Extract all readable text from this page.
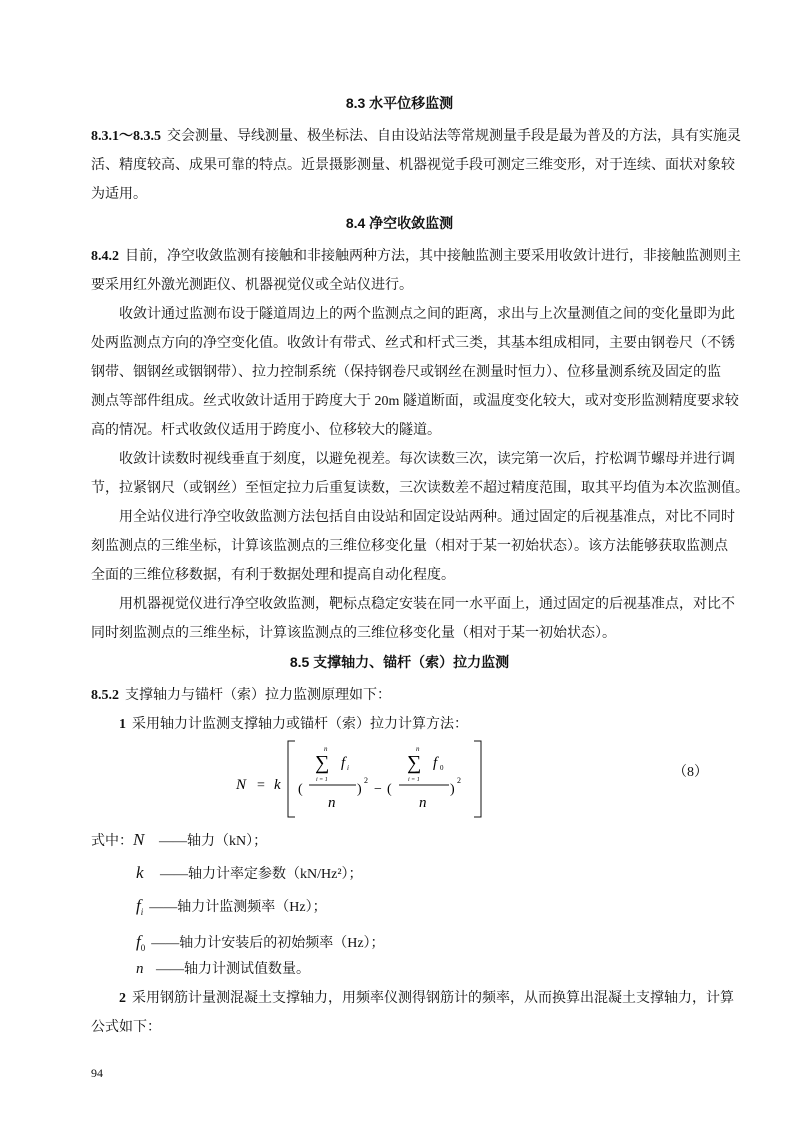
8.3 水平位移监测
8.3.1～8.3.5 交会测量、导线测量、极坐标法、自由设站法等常规测量手段是最为普及的方法，具有实施灵
活、精度较高、成果可靠的特点。近景摄影测量、机器视觉手段可测定三维变形，对于连续、面状对象较
为适用。
8.4 净空收敛监测
8.4.2 目前，净空收敛监测有接触和非接触两种方法，其中接触监测主要采用收敛计进行，非接触监测则主
要采用红外激光测距仪、机器视觉仪或全站仪进行。
收敛计通过监测布设于隧道周边上的两个监测点之间的距离，求出与上次量测值之间的变化量即为此
处两监测点方向的净空变化值。收敛计有带式、丝式和杆式三类，其基本组成相同，主要由钢卷尺（不锈
钢带、铟钢丝或铟钢带）、拉力控制系统（保持钢卷尺或钢丝在测量时恒力）、位移量测系统及固定的监
测点等部件组成。丝式收敛计适用于跨度大于 20m 隧道断面，或温度变化较大，或对变形监测精度要求较
高的情况。杆式收敛仪适用于跨度小、位移较大的隧道。
收敛计读数时视线垂直于刻度，以避免视差。每次读数三次，读完第一次后，拧松调节螺母并进行调
节，拉紧钢尺（或钢丝）至恒定拉力后重复读数，三次读数差不超过精度范围，取其平均值为本次监测值。
用全站仪进行净空收敛监测方法包括自由设站和固定设站两种。通过固定的后视基准点，对比不同时
刻监测点的三维坐标，计算该监测点的三维位移变化量（相对于某一初始状态）。该方法能够获取监测点
全面的三维位移数据，有利于数据处理和提高自动化程度。
用机器视觉仪进行净空收敛监测，靶标点稳定安装在同一水平面上，通过固定的后视基准点，对比不
同时刻监测点的三维坐标，计算该监测点的三维位移变化量（相对于某一初始状态）。
8.5 支撑轴力、锚杆（索）拉力监测
8.5.2 支撑轴力与锚杆（索）拉力监测原理如下：
1 采用轴力计监测支撑轴力或锚杆（索）拉力计算方法：
N = k (
n
∑
i = 1
f i
n
)
2
− (
n
∑
i = 1
f 0
n
)
2
（8）
式中：N ——轴力（kN）；
k ——轴力计率定参数（kN/Hz²）；
$f_i$ ——轴力计监测频率（Hz）；
$f_0$ ——轴力计安装后的初始频率（Hz）；
n ——轴力计测试值数量。
2 采用钢筋计量测混凝土支撑轴力，用频率仪测得钢筋计的频率，从而换算出混凝土支撑轴力，计算
公式如下：
94
